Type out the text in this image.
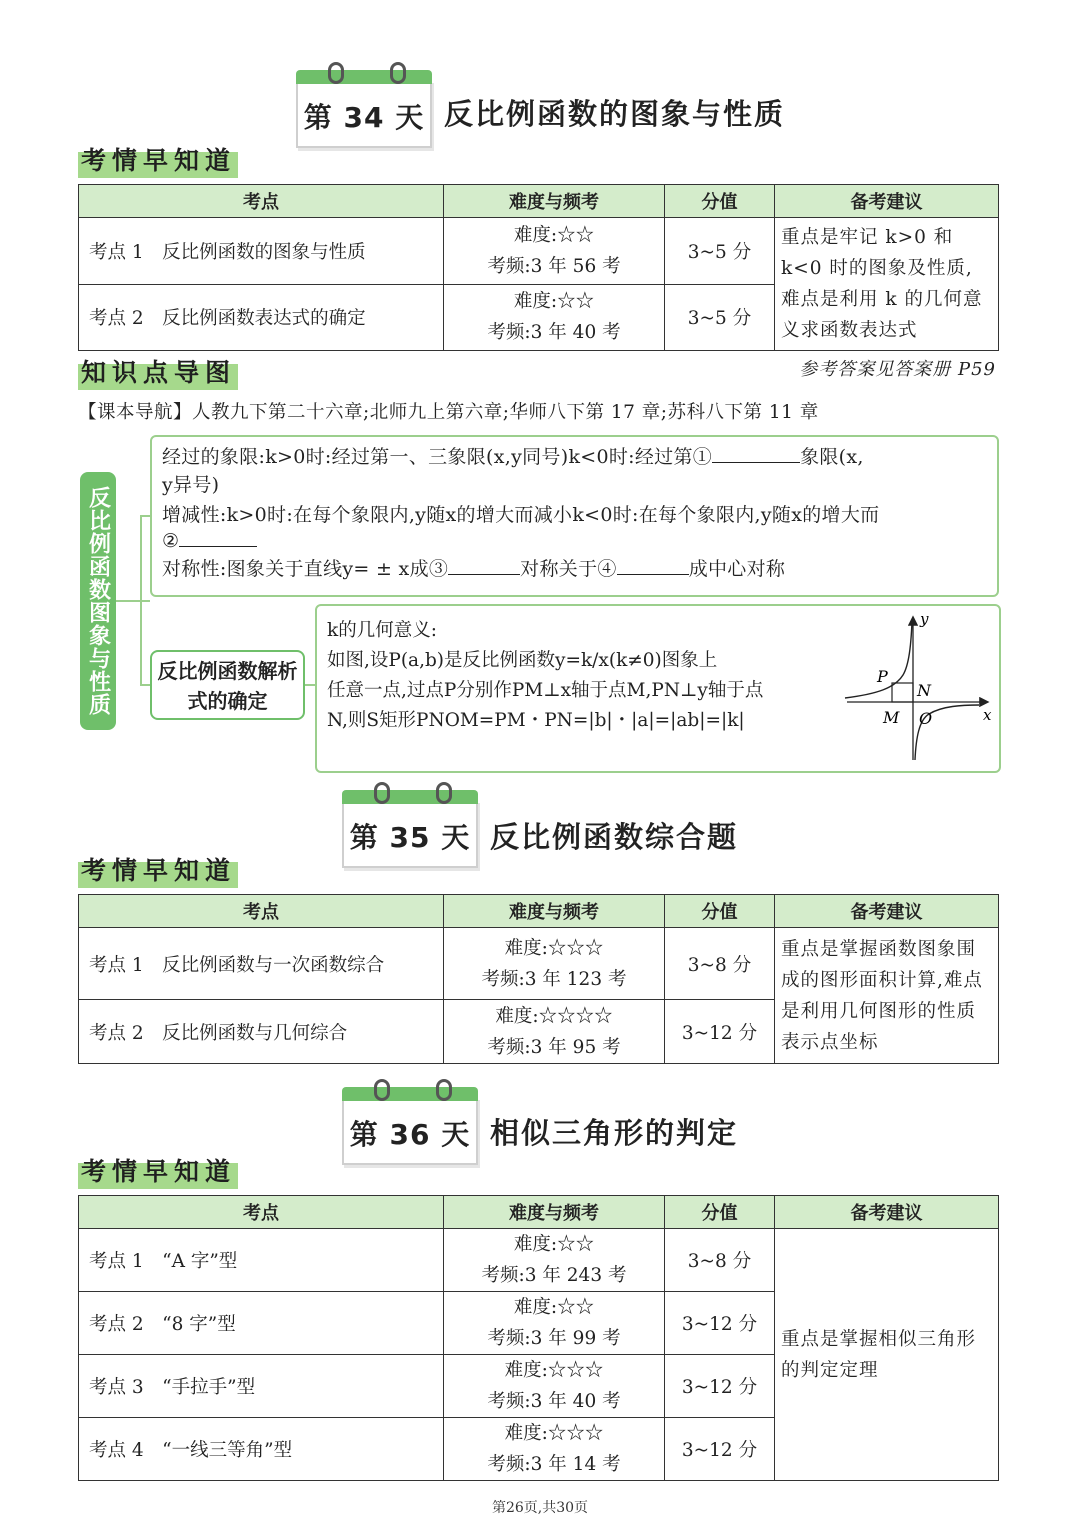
第 34 天 反比例函数的图象与性质
考情早知道
考点	难度与频考	分值	备考建议
考点 1　反比例函数的图象与性质	难度:☆☆
考频:3 年 56 考	3~5 分	重点是牢记 k>0 和 k<0 时的图象及性质,难点是利用 k 的几何意义求函数表达式
考点 2　反比例函数表达式的确定	难度:☆☆
考频:3 年 40 考	3~5 分	
知识点导图	参考答案见答案册 P59
【课本导航】人教九下第二十六章;北师九上第六章;华师八下第 17 章;苏科八下第 11 章
反比例函数图象与性质
经过的象限:k>0时:经过第一、三象限(x,y同号)k<0时:经过第①	象限(x,
y异号)
增减性:k>0时:在每个象限内,y随x的增大而减小k<0时:在每个象限内,y随x的增大而
②
对称性:图象关于直线y= ± x成③	对称关于④	成中心对称
反比例函数解析式的确定
k的几何意义:
如图,设P(a,b)是反比例函数y=k/x(k≠0)图象上
任意一点,过点P分别作PM⊥x轴于点M,PN⊥y轴于点
N,则S矩形PNOM=PM・PN=|b|・|a|=|ab|=|k|
y
x
P
N
M O
第 35 天 反比例函数综合题
考情早知道
考点	难度与频考	分值	备考建议
考点 1　反比例函数与一次函数综合	难度:☆☆☆
考频:3 年 123 考	3~8 分	重点是掌握函数图象围成的图形面积计算,难点是利用几何图形的性质表示点坐标
考点 2　反比例函数与几何综合	难度:☆☆☆☆
考频:3 年 95 考	3~12 分	
第 36 天 相似三角形的判定
考情早知道
考点	难度与频考	分值	备考建议
考点 1　“A 字”型	难度:☆☆
考频:3 年 243 考	3~8 分	重点是掌握相似三角形的判定定理
考点 2　“8 字”型	难度:☆☆
考频:3 年 99 考	3~12 分	
考点 3　“手拉手”型	难度:☆☆☆
考频:3 年 40 考	3~12 分	
考点 4　“一线三等角”型	难度:☆☆☆
考频:3 年 14 考	3~12 分	
第26页,共30页
